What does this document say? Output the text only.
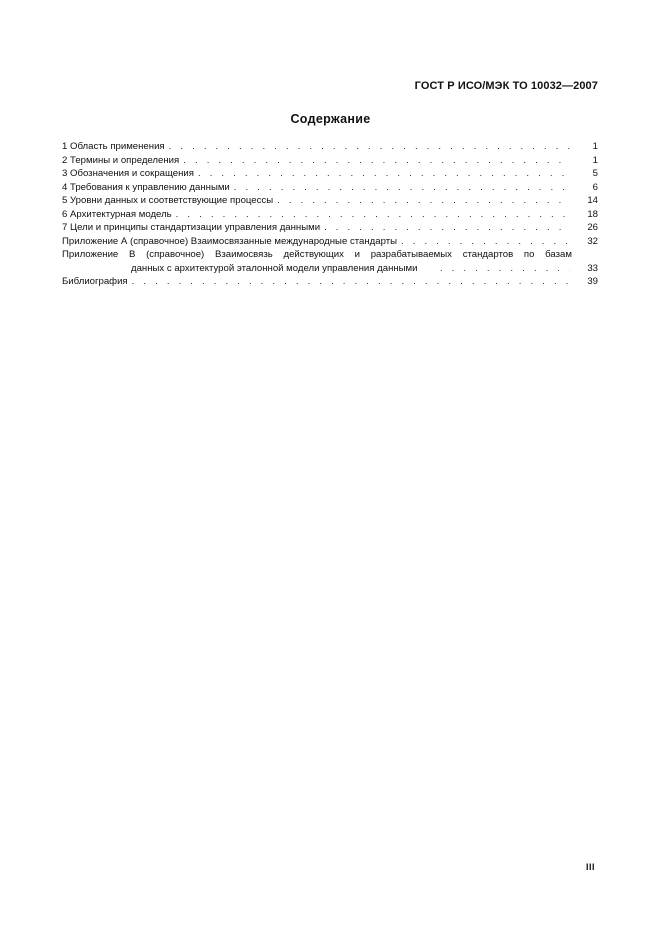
ГОСТ Р ИСО/МЭК ТО 10032—2007
Содержание
1 Область применения . . .	1
2 Термины и определения . . .	1
3 Обозначения и сокращения . . .	5
4 Требования к управлению данными . . .	6
5 Уровни данных и соответствующие процессы . . .	14
6 Архитектурная модель . . .	18
7 Цели и принципы стандартизации управления данными . . .	26
Приложение А (справочное) Взаимосвязанные международные стандарты . . .	32
Приложение В (справочное) Взаимосвязь действующих и разрабатываемых стандартов по базам
данных с архитектурой эталонной модели управления данными . . .	33
Библиография . . .	39
III
